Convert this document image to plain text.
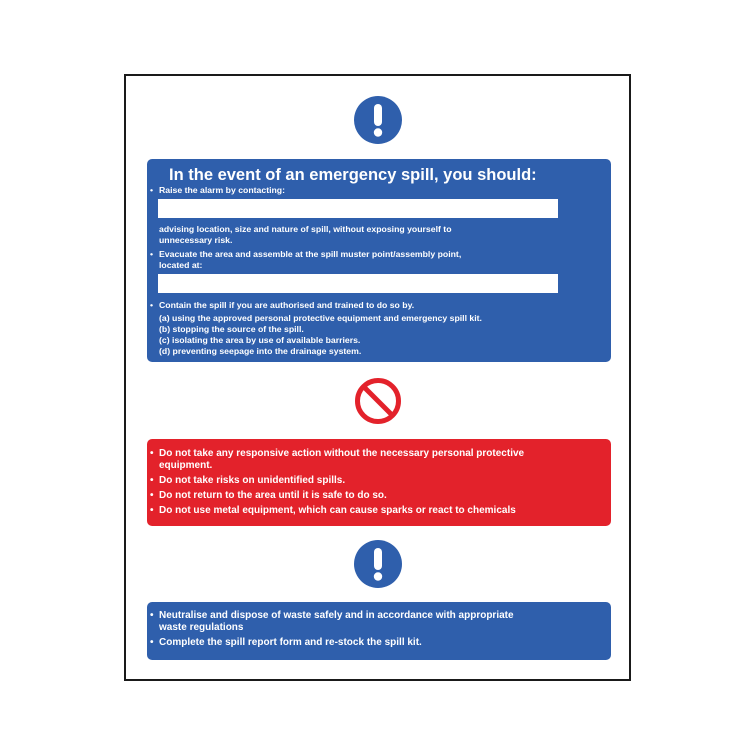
In the event of an emergency spill, you should:
• Raise the alarm by contacting:
advising location, size and nature of spill, without exposing yourself to
unnecessary risk.
• Evacuate the area and assemble at the spill muster point/assembly point,
located at:
• Contain the spill if you are authorised and trained to do so by.
(a) using the approved personal protective equipment and emergency spill kit.
(b) stopping the source of the spill.
(c) isolating the area by use of available barriers.
(d) preventing seepage into the drainage system.
• Do not take any responsive action without the necessary personal protective
equipment.
• Do not take risks on unidentified spills.
• Do not return to the area until it is safe to do so.
• Do not use metal equipment, which can cause sparks or react to chemicals
• Neutralise and dispose of waste safely and in accordance with appropriate
waste regulations
• Complete the spill report form and re-stock the spill kit.
